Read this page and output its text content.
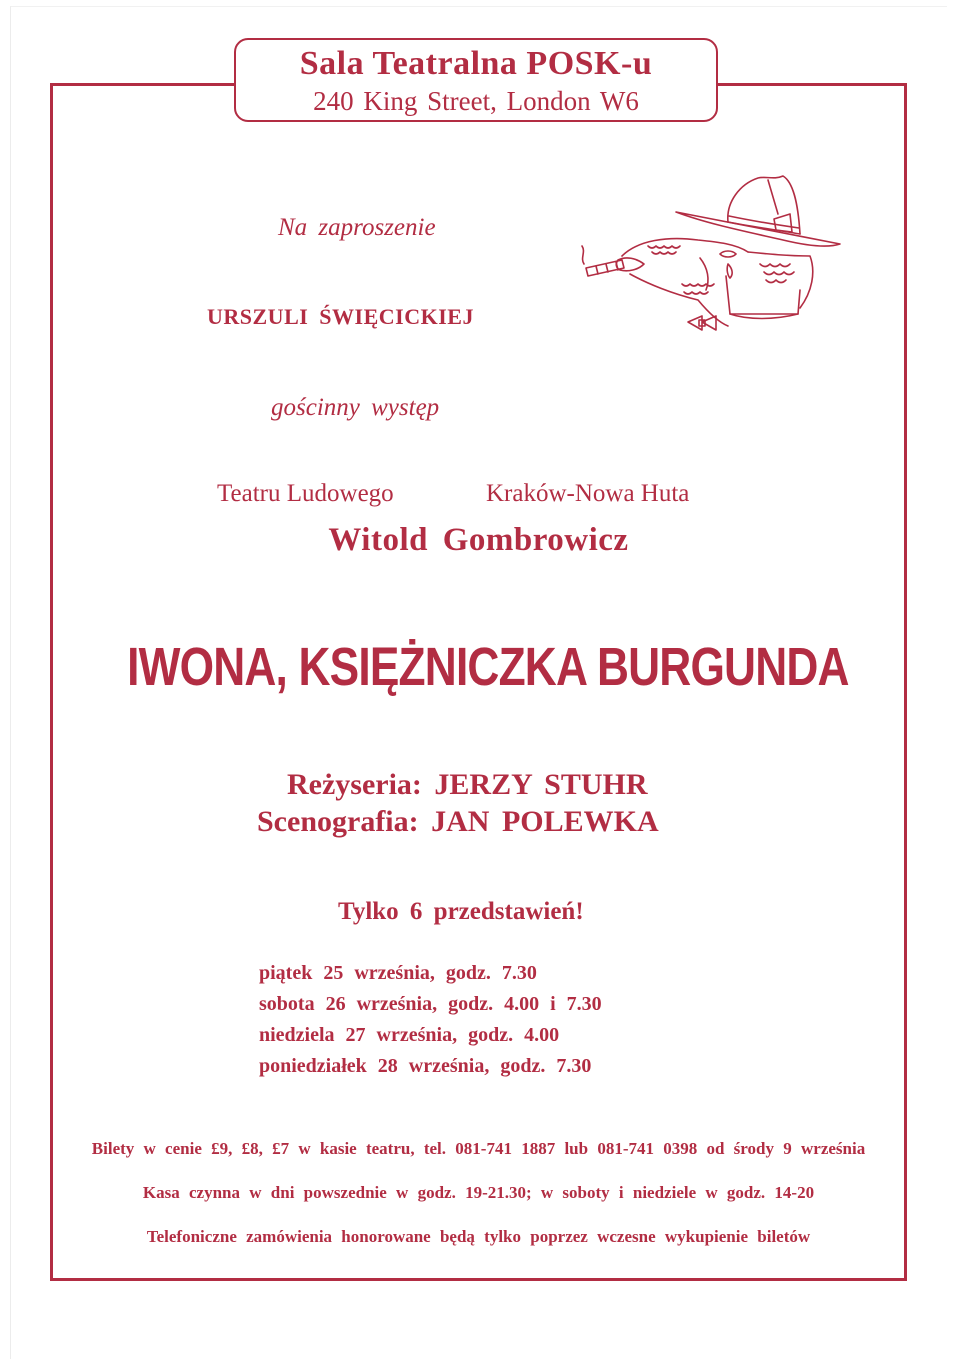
Sala Teatralna POSK-u
240 King Street, London W6
Na zaproszenie
URSZULI ŚWIĘCICKIEJ
gościnny występ
Teatru Ludowego	Kraków-Nowa Huta
Witold Gombrowicz
IWONA, KSIĘŻNICZKA BURGUNDA
Reżyseria: JERZY STUHR
Scenografia: JAN POLEWKA
Tylko 6 przedstawień!
piątek 25 września, godz. 7.30
sobota 26 września, godz. 4.00 i 7.30
niedziela 27 września, godz. 4.00
poniedziałek 28 września, godz. 7.30
Bilety w cenie £9, £8, £7 w kasie teatru, tel. 081-741 1887 lub 081-741 0398 od środy 9 września
Kasa czynna w dni powszednie w godz. 19-21.30; w soboty i niedziele w godz. 14-20
Telefoniczne zamówienia honorowane będą tylko poprzez wczesne wykupienie biletów
